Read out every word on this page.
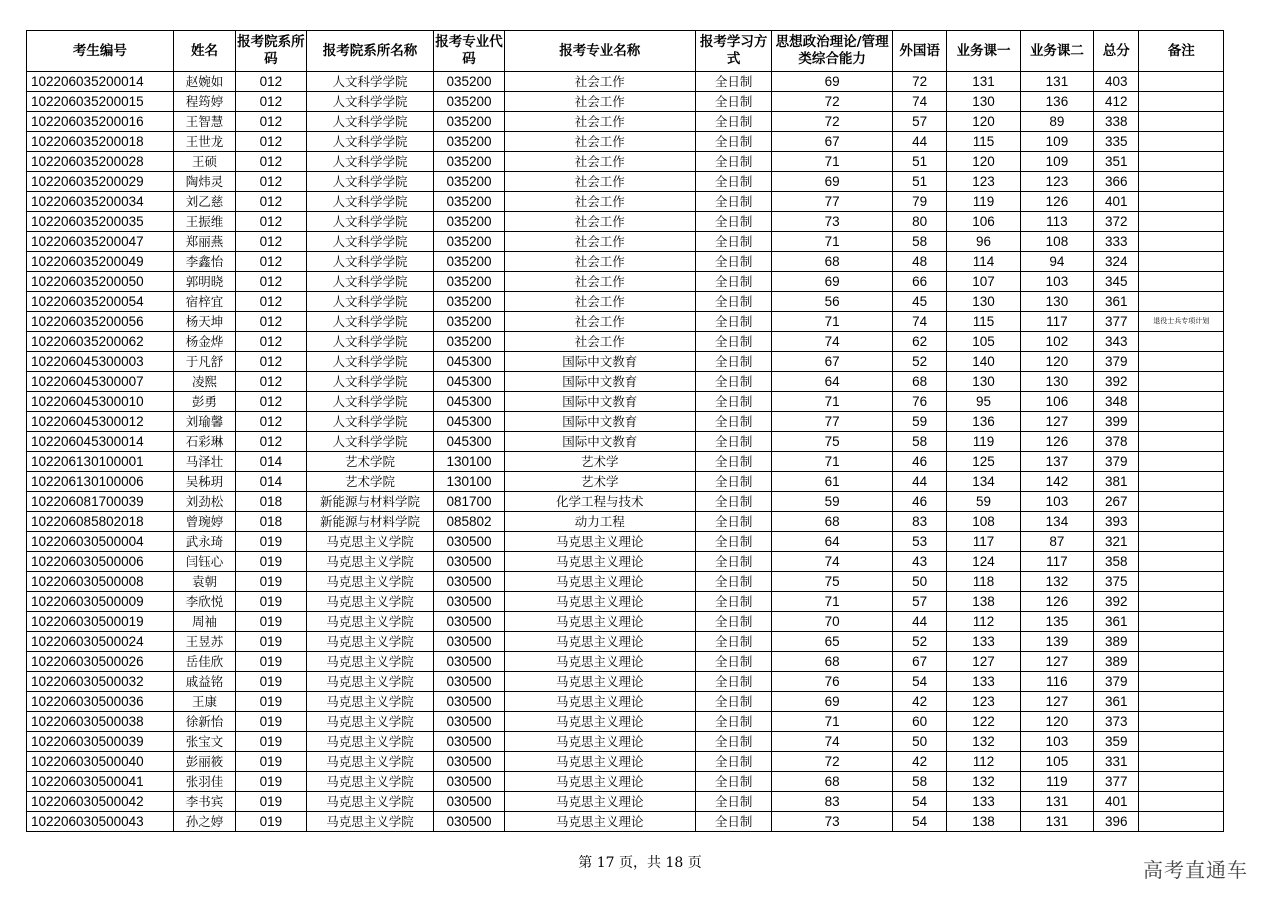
考生编号	姓名	报考院系所码	报考院系所名称	报考专业代码	报考专业名称	报考学习方式	思想政治理论/管理类综合能力	外国语	业务课一	业务课二	总分	备注
102206035200014	赵婉如	012	人文科学学院	035200	社会工作	全日制	69	72	131	131	403	
102206035200015	程筠婷	012	人文科学学院	035200	社会工作	全日制	72	74	130	136	412	
102206035200016	王智慧	012	人文科学学院	035200	社会工作	全日制	72	57	120	89	338	
102206035200018	王世龙	012	人文科学学院	035200	社会工作	全日制	67	44	115	109	335	
102206035200028	王硕	012	人文科学学院	035200	社会工作	全日制	71	51	120	109	351	
102206035200029	陶炜灵	012	人文科学学院	035200	社会工作	全日制	69	51	123	123	366	
102206035200034	刘乙慈	012	人文科学学院	035200	社会工作	全日制	77	79	119	126	401	
102206035200035	王振维	012	人文科学学院	035200	社会工作	全日制	73	80	106	113	372	
102206035200047	郑丽燕	012	人文科学学院	035200	社会工作	全日制	71	58	96	108	333	
102206035200049	李鑫怡	012	人文科学学院	035200	社会工作	全日制	68	48	114	94	324	
102206035200050	郭明晓	012	人文科学学院	035200	社会工作	全日制	69	66	107	103	345	
102206035200054	宿梓宜	012	人文科学学院	035200	社会工作	全日制	56	45	130	130	361	
102206035200056	杨天坤	012	人文科学学院	035200	社会工作	全日制	71	74	115	117	377	退役士兵专项计划
102206035200062	杨金烨	012	人文科学学院	035200	社会工作	全日制	74	62	105	102	343	
102206045300003	于凡舒	012	人文科学学院	045300	国际中文教育	全日制	67	52	140	120	379	
102206045300007	凌熙	012	人文科学学院	045300	国际中文教育	全日制	64	68	130	130	392	
102206045300010	彭勇	012	人文科学学院	045300	国际中文教育	全日制	71	76	95	106	348	
102206045300012	刘瑜馨	012	人文科学学院	045300	国际中文教育	全日制	77	59	136	127	399	
102206045300014	石彩琳	012	人文科学学院	045300	国际中文教育	全日制	75	58	119	126	378	
102206130100001	马泽壮	014	艺术学院	130100	艺术学	全日制	71	46	125	137	379	
102206130100006	吴秭玥	014	艺术学院	130100	艺术学	全日制	61	44	134	142	381	
102206081700039	刘劲松	018	新能源与材料学院	081700	化学工程与技术	全日制	59	46	59	103	267	
102206085802018	曾琬婷	018	新能源与材料学院	085802	动力工程	全日制	68	83	108	134	393	
102206030500004	武永琦	019	马克思主义学院	030500	马克思主义理论	全日制	64	53	117	87	321	
102206030500006	闫钰心	019	马克思主义学院	030500	马克思主义理论	全日制	74	43	124	117	358	
102206030500008	袁朝	019	马克思主义学院	030500	马克思主义理论	全日制	75	50	118	132	375	
102206030500009	李欣悦	019	马克思主义学院	030500	马克思主义理论	全日制	71	57	138	126	392	
102206030500019	周袖	019	马克思主义学院	030500	马克思主义理论	全日制	70	44	112	135	361	
102206030500024	王昱苏	019	马克思主义学院	030500	马克思主义理论	全日制	65	52	133	139	389	
102206030500026	岳佳欣	019	马克思主义学院	030500	马克思主义理论	全日制	68	67	127	127	389	
102206030500032	戚益铭	019	马克思主义学院	030500	马克思主义理论	全日制	76	54	133	116	379	
102206030500036	王康	019	马克思主义学院	030500	马克思主义理论	全日制	69	42	123	127	361	
102206030500038	徐新怡	019	马克思主义学院	030500	马克思主义理论	全日制	71	60	122	120	373	
102206030500039	张宝文	019	马克思主义学院	030500	马克思主义理论	全日制	74	50	132	103	359	
102206030500040	彭丽筱	019	马克思主义学院	030500	马克思主义理论	全日制	72	42	112	105	331	
102206030500041	张羽佳	019	马克思主义学院	030500	马克思主义理论	全日制	68	58	132	119	377	
102206030500042	李书宾	019	马克思主义学院	030500	马克思主义理论	全日制	83	54	133	131	401	
102206030500043	孙之婷	019	马克思主义学院	030500	马克思主义理论	全日制	73	54	138	131	396	
第 17 页，共 18 页	高考直通车
